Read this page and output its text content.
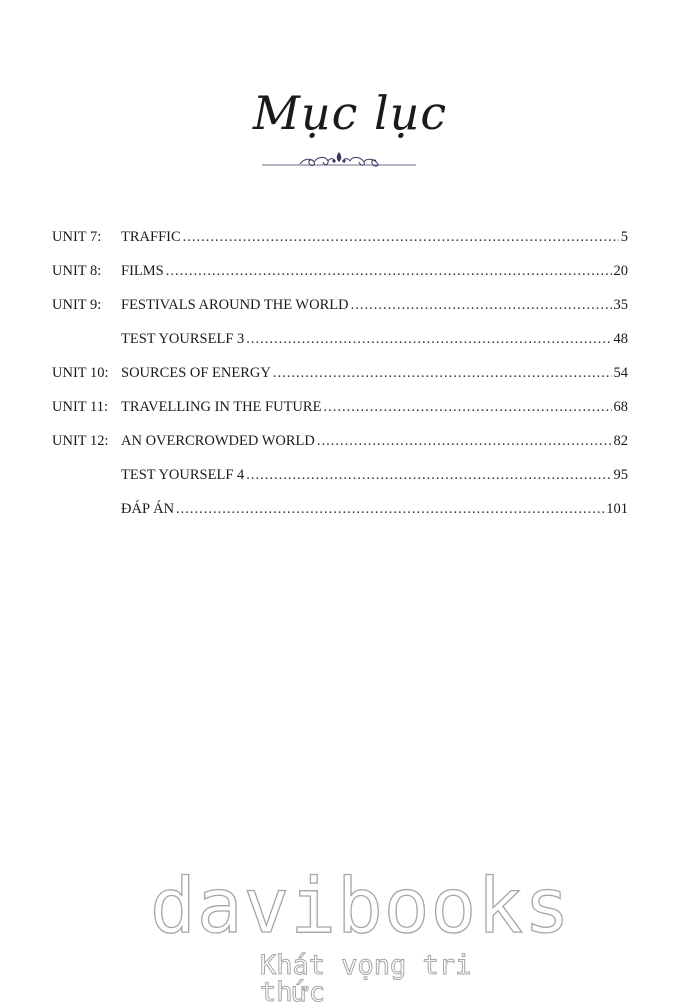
Mục lục
UNIT 7:	TRAFFIC .....	5
UNIT 8:	FILMS .....	20
UNIT 9:	FESTIVALS AROUND THE WORLD .....	35
TEST YOURSELF 3 .....	48
UNIT 10: SOURCES OF ENERGY .....	54
UNIT 11: TRAVELLING IN THE FUTURE .....	68
UNIT 12: AN OVERCROWDED WORLD .....	82
TEST YOURSELF 4 .....	95
ĐÁP ÁN .....	101
davibooks
Khát vọng tri thức
